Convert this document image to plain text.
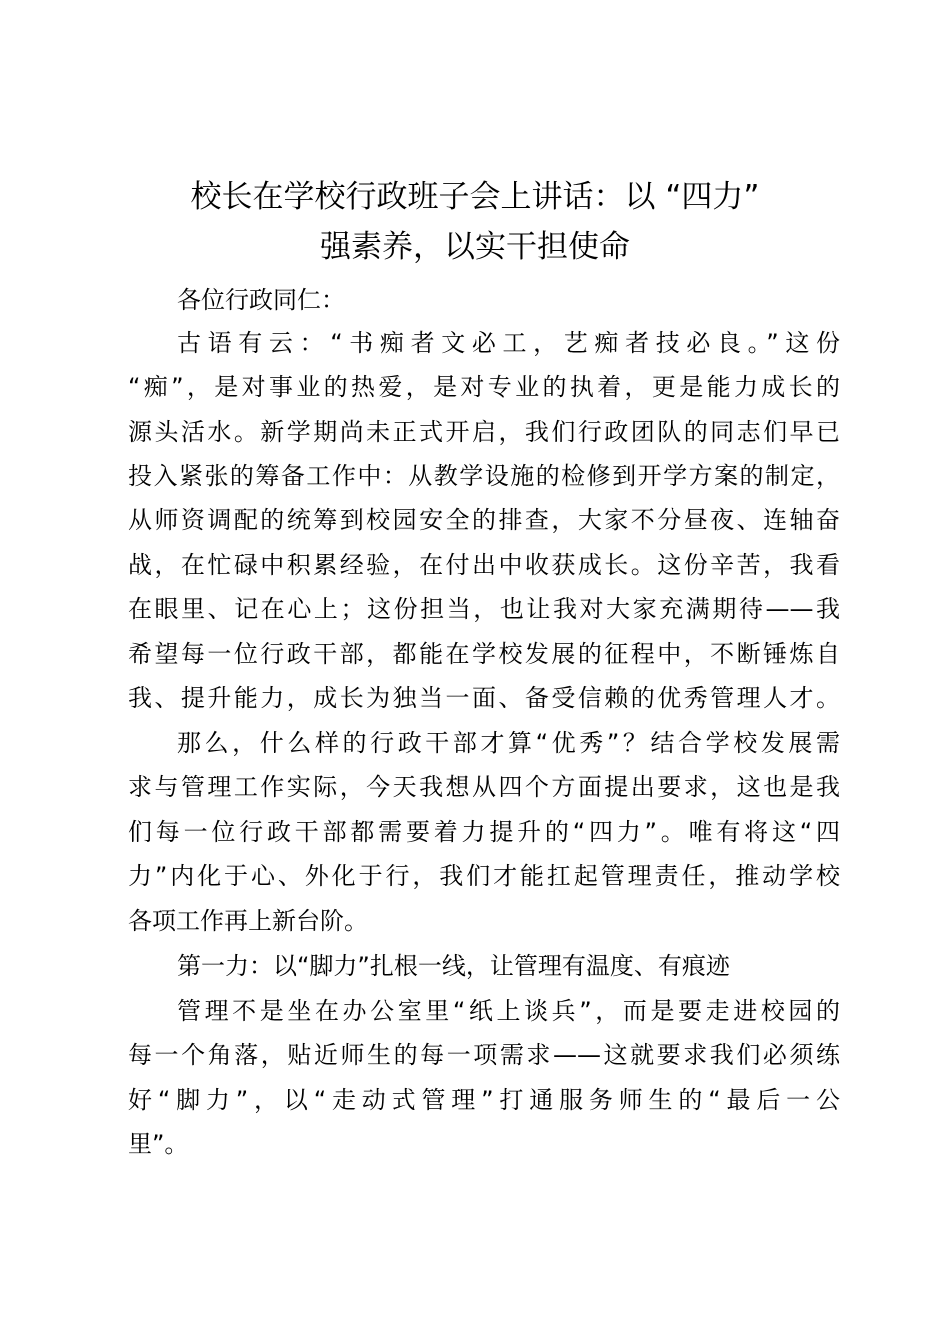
校长在学校行政班子会上讲话：以 “四力”
强素养，以实干担使命

各位行政同仁：

古语有云：“书痴者文必工，艺痴者技必良。”这份

“痴”，是对事业的热爱，是对专业的执着，更是能力成长的

源头活水。新学期尚未正式开启，我们行政团队的同志们早已

投入紧张的筹备工作中：从教学设施的检修到开学方案的制定，

从师资调配的统筹到校园安全的排查，大家不分昼夜、连轴奋

战，在忙碌中积累经验，在付出中收获成长。这份辛苦，我看

在眼里、记在心上；这份担当，也让我对大家充满期待——我

希望每一位行政干部，都能在学校发展的征程中，不断锤炼自

我、提升能力，成长为独当一面、备受信赖的优秀管理人才。

那么，什么样的行政干部才算“优秀”？结合学校发展需

求与管理工作实际，今天我想从四个方面提出要求，这也是我

们每一位行政干部都需要着力提升的“四力”。唯有将这“四

力”内化于心、外化于行，我们才能扛起管理责任，推动学校

各项工作再上新台阶。

第一力：以“脚力”扎根一线，让管理有温度、有痕迹

管理不是坐在办公室里“纸上谈兵”，而是要走进校园的

每一个角落，贴近师生的每一项需求——这就要求我们必须练

好“脚力”，以“走动式管理”打通服务师生的“最后一公

里”。
